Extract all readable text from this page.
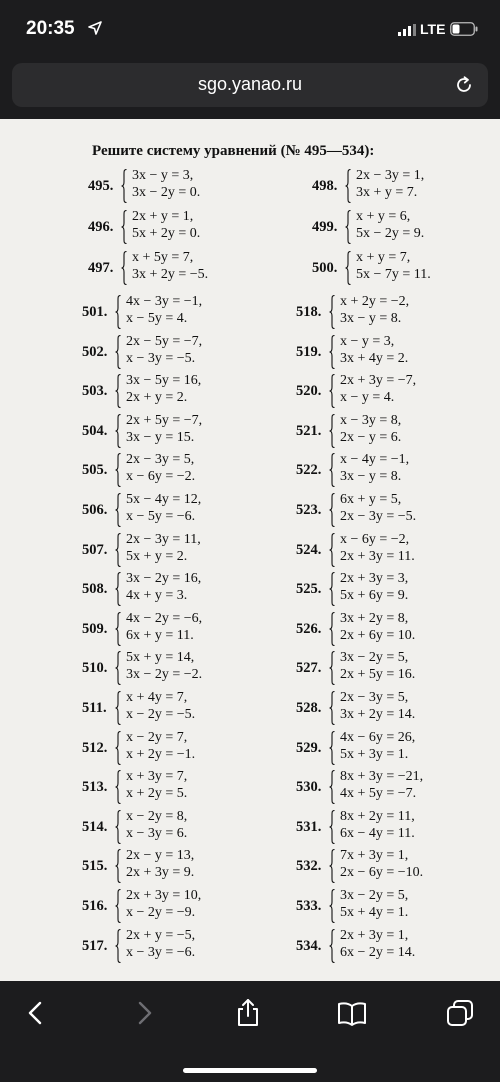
20:35	LTE
sgo.yanao.ru
Решите систему уравнений (№ 495—534):
495.
3x − y = 3,
3x − 2y = 0.
496.
2x + y = 1,
5x + 2y = 0.
497.
x + 5y = 7,
3x + 2y = −5.
498.
2x − 3y = 1,
3x + y = 7.
499.
x + y = 6,
5x − 2y = 9.
500.
x + y = 7,
5x − 7y = 11.
501.
4x − 3y = −1,
x − 5y = 4.
502.
2x − 5y = −7,
x − 3y = −5.
503.
3x − 5y = 16,
2x + y = 2.
504.
2x + 5y = −7,
3x − y = 15.
505.
2x − 3y = 5,
x − 6y = −2.
506.
5x − 4y = 12,
x − 5y = −6.
507.
2x − 3y = 11,
5x + y = 2.
508.
3x − 2y = 16,
4x + y = 3.
509.
4x − 2y = −6,
6x + y = 11.
510.
5x + y = 14,
3x − 2y = −2.
511.
x + 4y = 7,
x − 2y = −5.
512.
x − 2y = 7,
x + 2y = −1.
513.
x + 3y = 7,
x + 2y = 5.
514.
x − 2y = 8,
x − 3y = 6.
515.
2x − y = 13,
2x + 3y = 9.
516.
2x + 3y = 10,
x − 2y = −9.
517.
2x + y = −5,
x − 3y = −6.
518.
x + 2y = −2,
3x − y = 8.
519.
x − y = 3,
3x + 4y = 2.
520.
2x + 3y = −7,
x − y = 4.
521.
x − 3y = 8,
2x − y = 6.
522.
x − 4y = −1,
3x − y = 8.
523.
6x + y = 5,
2x − 3y = −5.
524.
x − 6y = −2,
2x + 3y = 11.
525.
2x + 3y = 3,
5x + 6y = 9.
526.
3x + 2y = 8,
2x + 6y = 10.
527.
3x − 2y = 5,
2x + 5y = 16.
528.
2x − 3y = 5,
3x + 2y = 14.
529.
4x − 6y = 26,
5x + 3y = 1.
530.
8x + 3y = −21,
4x + 5y = −7.
531.
8x + 2y = 11,
6x − 4y = 11.
532.
7x + 3y = 1,
2x − 6y = −10.
533.
3x − 2y = 5,
5x + 4y = 1.
534.
2x + 3y = 1,
6x − 2y = 14.
